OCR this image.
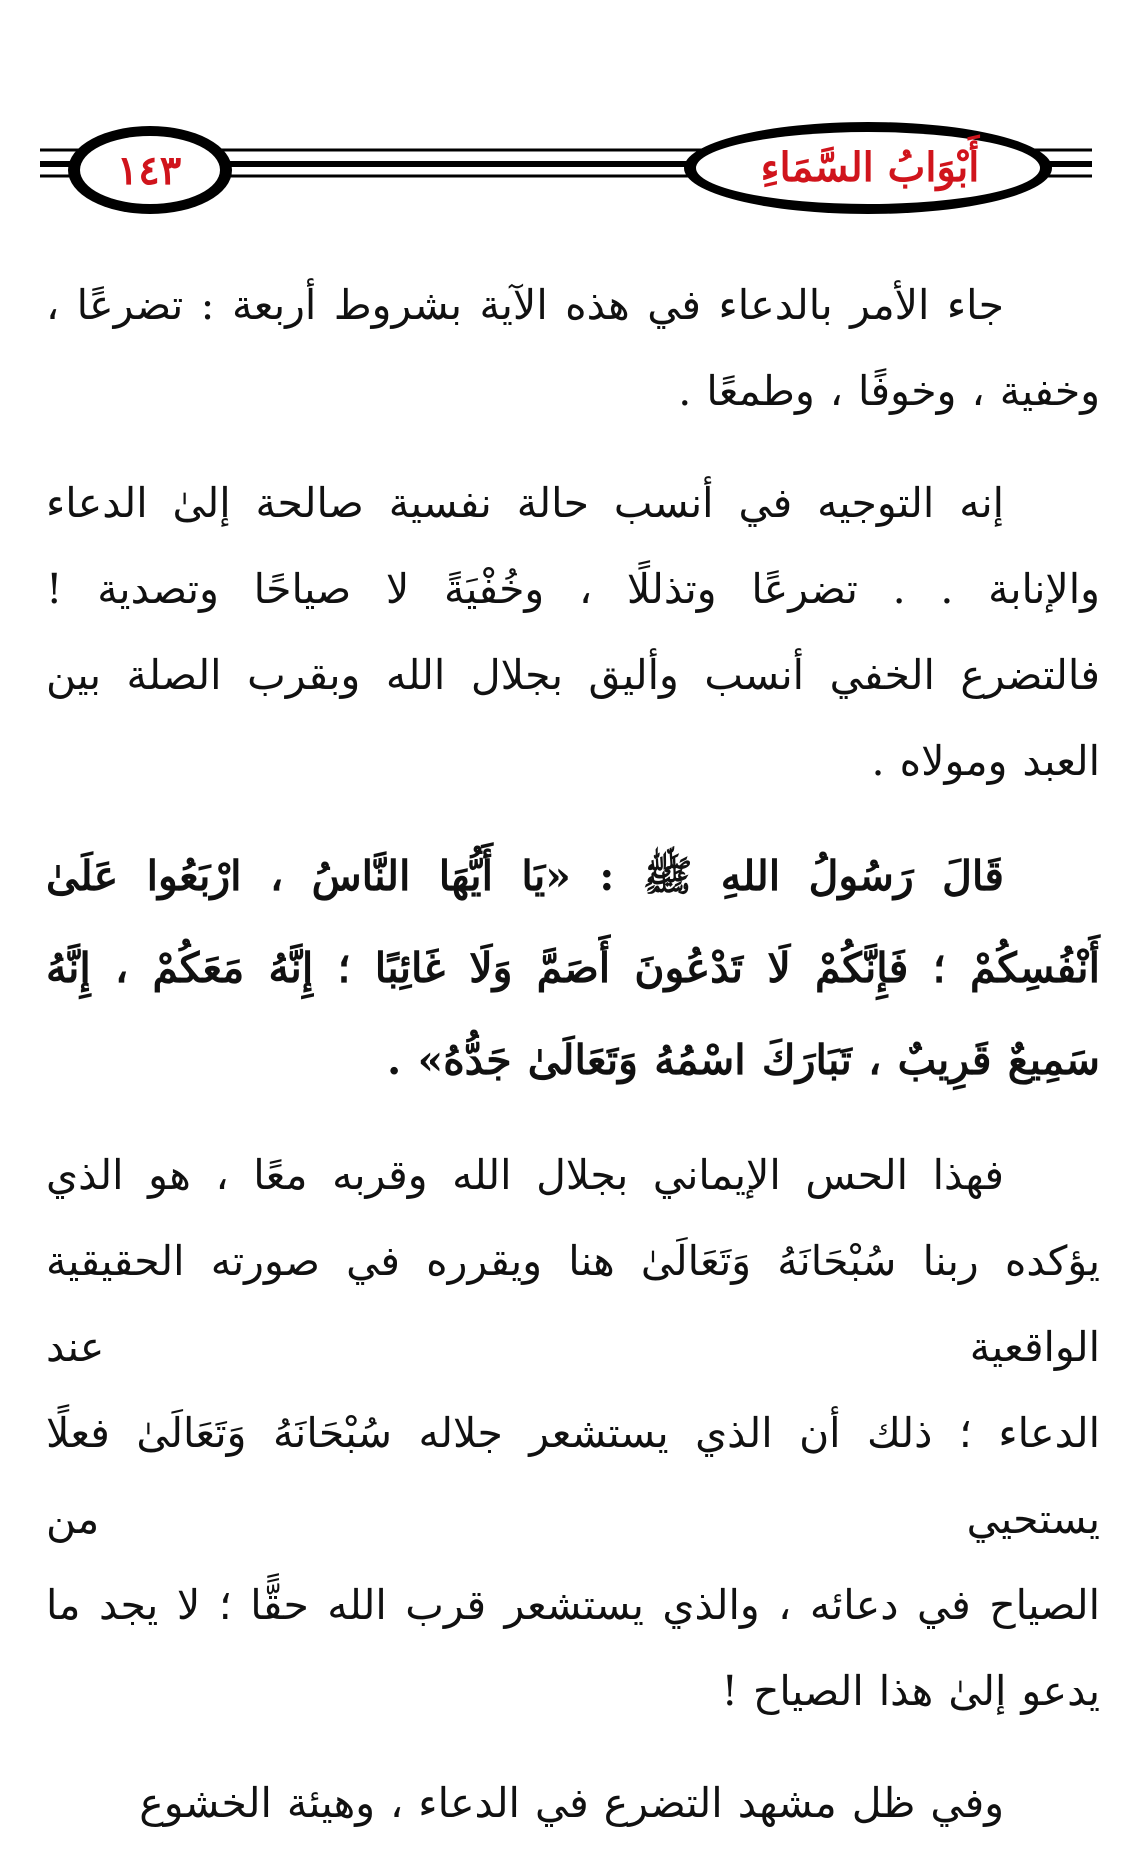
١٤٣	أَبْوَابُ السَّمَاءِ

جاء الأمر بالدعاء في هذه الآية بشروط أربعة : تضرعًا ،
وخفية ، وخوفًا ، وطمعًا .

إنه التوجيه في أنسب حالة نفسية صالحة إلىٰ الدعاء
والإنابة . . تضرعًا وتذللًا ، وخُفْيَةً لا صياحًا وتصدية !
فالتضرع الخفي أنسب وأليق بجلال الله وبقرب الصلة بين
العبد ومولاه .

قَالَ رَسُولُ اللهِ ﷺ : «يَا أَيُّهَا النَّاسُ ، ارْبَعُوا عَلَىٰ
أَنْفُسِكُمْ ؛ فَإِنَّكُمْ لَا تَدْعُونَ أَصَمَّ وَلَا غَائِبًا ؛ إِنَّهُ مَعَكُمْ ، إِنَّهُ
سَمِيعٌ قَرِيبٌ ، تَبَارَكَ اسْمُهُ وَتَعَالَىٰ جَدُّهُ» .

فهذا الحس الإيماني بجلال الله وقربه معًا ، هو الذي
يؤكده ربنا سُبْحَانَهُ وَتَعَالَىٰ هنا ويقرره في صورته الحقيقية الواقعية عند
الدعاء ؛ ذلك أن الذي يستشعر جلاله سُبْحَانَهُ وَتَعَالَىٰ فعلًا يستحيي من
الصياح في دعائه ، والذي يستشعر قرب الله حقًّا ؛ لا يجد ما
يدعو إلىٰ هذا الصياح !

وفي ظل مشهد التضرع في الدعاء ، وهيئة الخشوع
